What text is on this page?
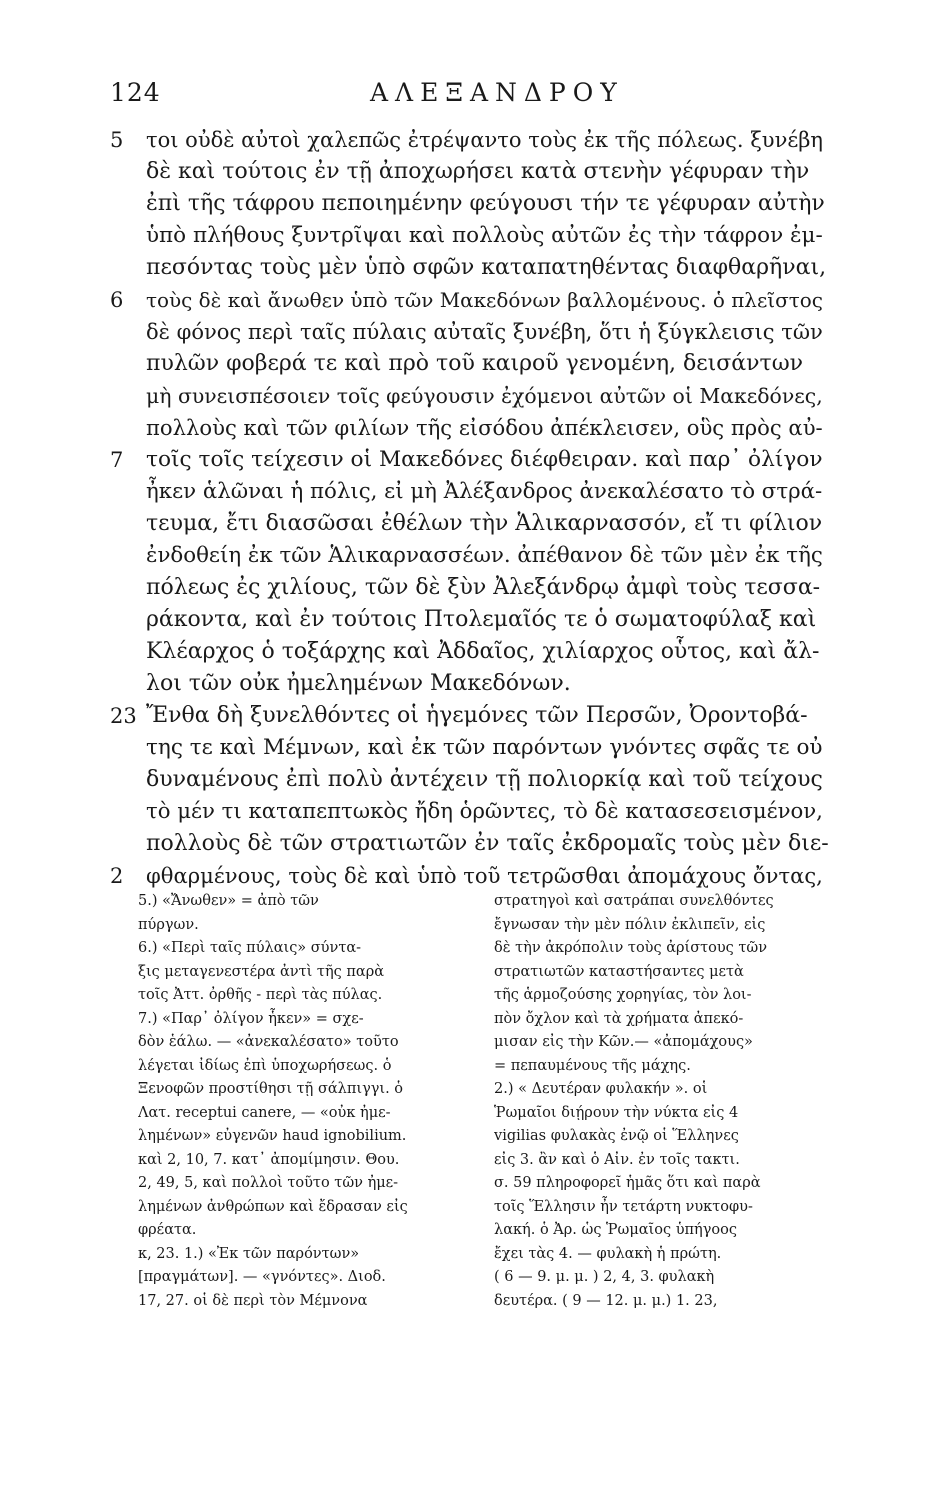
124	ΑΛΕΞΑΝΔΡΟΥ
5	τοι οὐδὲ αὐτοὶ χαλεπῶς ἐτρέψαντο τοὺς ἐκ τῆς πόλεως. ξυνέβη
δὲ καὶ τούτοις ἐν τῇ ἀποχωρήσει κατὰ στενὴν γέφυραν τὴν
ἐπὶ τῆς τάφρου πεποιημένην φεύγουσι τήν τε γέφυραν αὐτὴν
ὑπὸ πλήθους ξυντρῖψαι καὶ πολλοὺς αὐτῶν ἐς τὴν τάφρον ἐμ-
πεσόντας τοὺς μὲν ὑπὸ σφῶν καταπατηθέντας διαφθαρῆναι,
6	τοὺς δὲ καὶ ἄνωθεν ὑπὸ τῶν Μακεδόνων βαλλομένους. ὁ πλεῖστος
δὲ φόνος περὶ ταῖς πύλαις αὐταῖς ξυνέβη, ὅτι ἡ ξύγκλεισις τῶν
πυλῶν φοβερά τε καὶ πρὸ τοῦ καιροῦ γενομένη, δεισάντων
μὴ συνεισπέσοιεν τοῖς φεύγουσιν ἐχόμενοι αὐτῶν οἱ Μακεδόνες,
πολλοὺς καὶ τῶν φιλίων τῆς εἰσόδου ἀπέκλεισεν, οὓς πρὸς αὐ-
7	τοῖς τοῖς τείχεσιν οἱ Μακεδόνες διέφθειραν. καὶ παρ᾽ ὀλίγον
ἦκεν ἁλῶναι ἡ πόλις, εἰ μὴ Ἀλέξανδρος ἀνεκαλέσατο τὸ στρά-
τευμα, ἔτι διασῶσαι ἐθέλων τὴν Ἁλικαρνασσόν, εἴ τι φίλιον
ἐνδοθείη ἐκ τῶν Ἁλικαρνασσέων. ἀπέθανον δὲ τῶν μὲν ἐκ τῆς
πόλεως ἐς χιλίους, τῶν δὲ ξὺν Ἀλεξάνδρῳ ἀμφὶ τοὺς τεσσα-
ράκοντα, καὶ ἐν τούτοις Πτολεμαῖός τε ὁ σωματοφύλαξ καὶ
Κλέαρχος ὁ τοξάρχης καὶ Ἀδδαῖος, χιλίαρχος οὗτος, καὶ ἄλ-
λοι τῶν οὐκ ἠμελημένων Μακεδόνων.
23 Ἔνθα δὴ ξυνελθόντες οἱ ἡγεμόνες τῶν Περσῶν, Ὀροντοβά-
της τε καὶ Μέμνων, καὶ ἐκ τῶν παρόντων γνόντες σφᾶς τε οὐ
δυναμένους ἐπὶ πολὺ ἀντέχειν τῇ πολιορκίᾳ καὶ τοῦ τείχους
τὸ μέν τι καταπεπτωκὸς ἤδη ὁρῶντες, τὸ δὲ κατασεσεισμένον,
πολλοὺς δὲ τῶν στρατιωτῶν ἐν ταῖς ἐκδρομαῖς τοὺς μὲν διε-
2	φθαρμένους, τοὺς δὲ καὶ ὑπὸ τοῦ τετρῶσθαι ἀπομάχους ὄντας,
5.) «Ἄνωθεν» = ἀπὸ τῶν
πύργων.
6.) «Περὶ ταῖς πύλαις» σύντα-
ξις μεταγενεστέρα ἀντὶ τῆς παρὰ
τοῖς Ἀττ. ὀρθῆς - περὶ τὰς πύλας.
7.) «Παρ᾽ ὀλίγον ἧκεν» = σχε-
δὸν ἑάλω. — «ἀνεκαλέσατο» τοῦτο
λέγεται ἰδίως ἐπὶ ὑποχωρήσεως. ὁ
Ξενοφῶν προστίθησι τῇ σάλπιγγι. ὁ
Λατ. receptui canere, — «οὐκ ἠμε-
λημένων» εὐγενῶν haud ignobilium.
καὶ 2, 10, 7. κατ᾽ ἀπομίμησιν. Θου.
2, 49, 5, καὶ πολλοὶ τοῦτο τῶν ἠμε-
λημένων ἀνθρώπων καὶ ἔδρασαν εἰς
φρέατα.
κ, 23. 1.) «Ἐκ τῶν παρόντων»
[πραγμάτων]. — «γνόντες». Διοδ.
17, 27. οἱ δὲ περὶ τὸν Μέμνονα
στρατηγοὶ καὶ σατράπαι συνελθόντες
ἔγνωσαν τὴν μὲν πόλιν ἐκλιπεῖν, εἰς
δὲ τὴν ἀκρόπολιν τοὺς ἀρίστους τῶν
στρατιωτῶν καταστήσαντες μετὰ
τῆς ἁρμοζούσης χορηγίας, τὸν λοι-
πὸν ὄχλον καὶ τὰ χρήματα ἀπεκό-
μισαν εἰς τὴν Κῶν.— «ἀπομάχους»
= πεπαυμένους τῆς μάχης.
2.) « Δευτέραν φυλακήν ». οἱ
Ῥωμαῖοι διῄρουν τὴν νύκτα εἰς 4
vigilias φυλακὰς ἐνῷ οἱ Ἕλληνες
εἰς 3. ἂν καὶ ὁ Αἰν. ἐν τοῖς τακτι.
σ. 59 πληροφορεῖ ἡμᾶς ὅτι καὶ παρὰ
τοῖς Ἕλλησιν ἦν τετάρτη νυκτοφυ-
λακή. ὁ Ἀρ. ὡς Ῥωμαῖος ὑπήγοος
ἔχει τὰς 4. — φυλακὴ ἡ πρώτη.
( 6 — 9. μ. μ. ) 2, 4, 3. φυλακὴ
δευτέρα. ( 9 — 12. μ. μ.) 1. 23,
